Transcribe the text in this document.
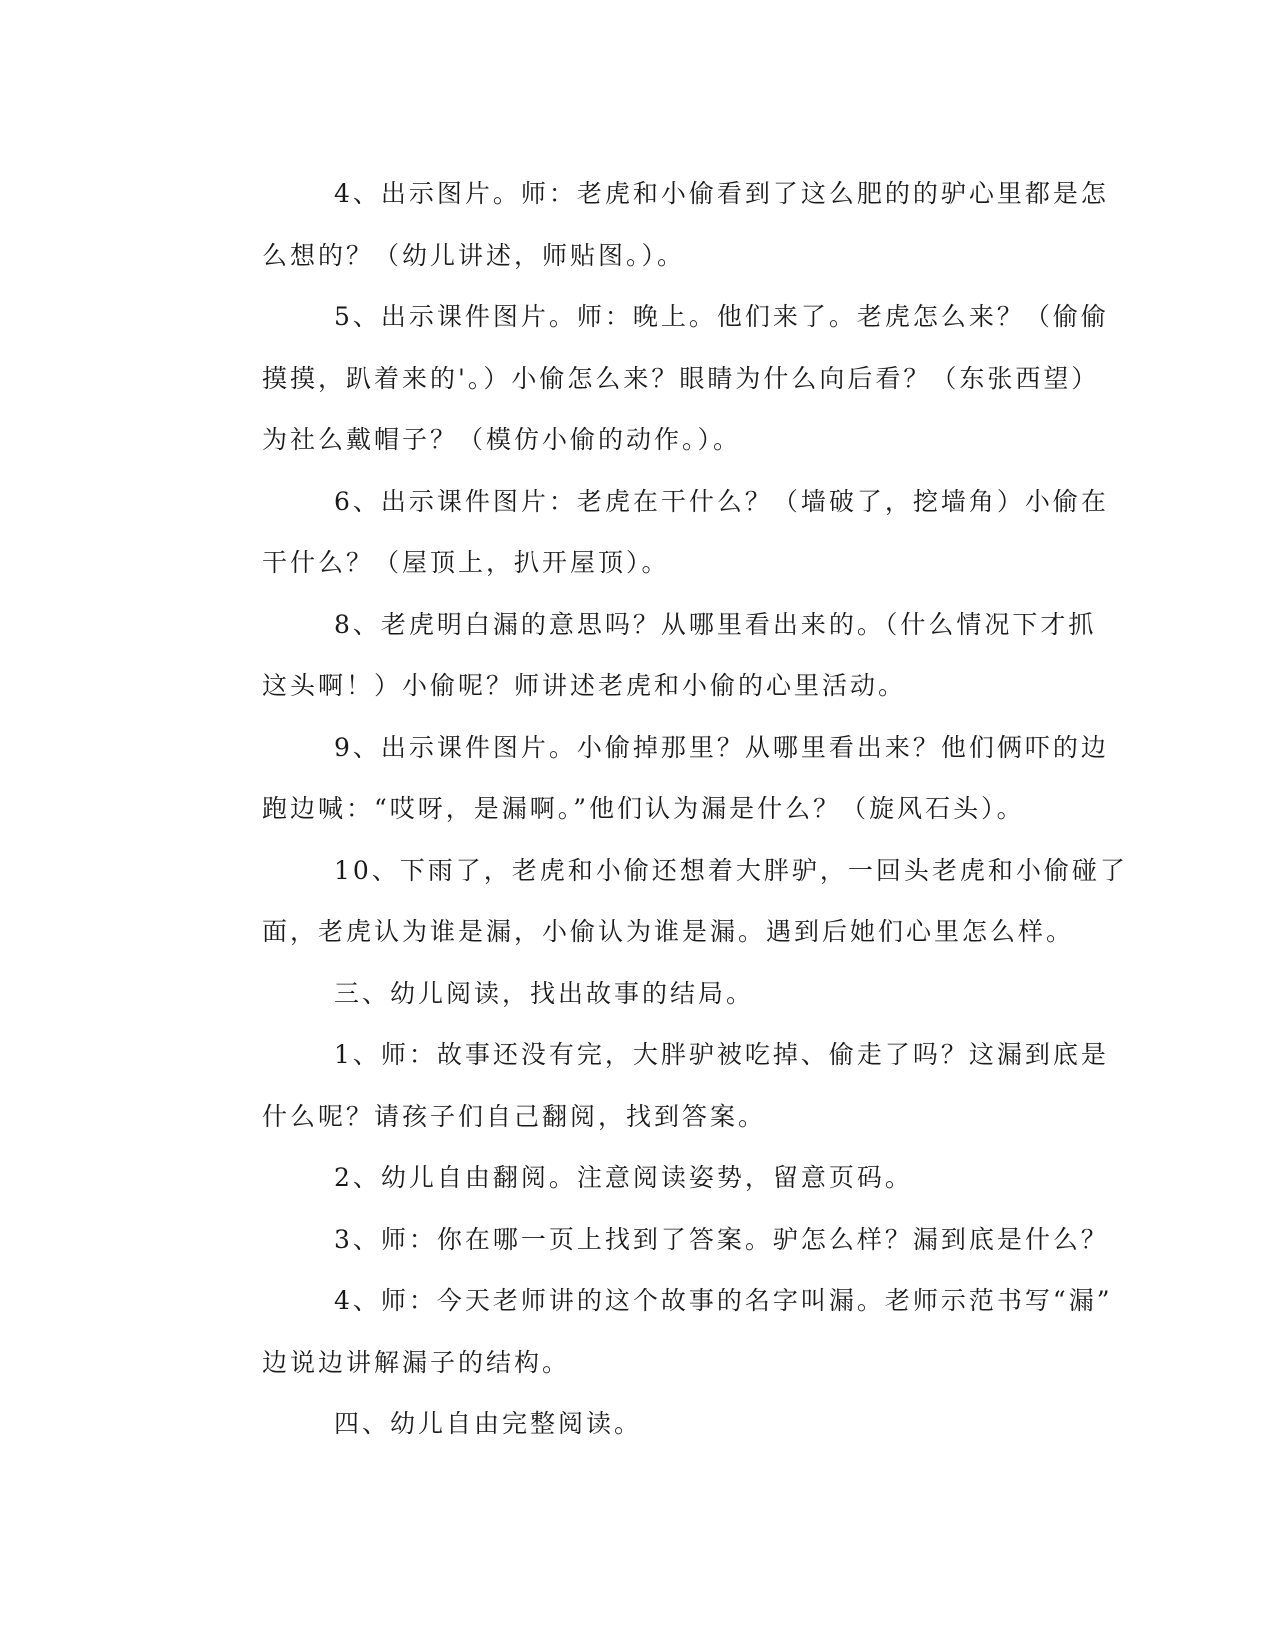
4、出示图片。师：老虎和小偷看到了这么肥的的驴心里都是怎
么想的？（幼儿讲述，师贴图。）。

5、出示课件图片。师：晚上。他们来了。老虎怎么来？（偷偷
摸摸，趴着来的'。）小偷怎么来？眼睛为什么向后看？（东张西望）
为社么戴帽子？（模仿小偷的动作。）。

6、出示课件图片：老虎在干什么？（墙破了，挖墙角）小偷在
干什么？（屋顶上，扒开屋顶）。

8、老虎明白漏的意思吗？从哪里看出来的。（什么情况下才抓
这头啊！）小偷呢？师讲述老虎和小偷的心里活动。

9、出示课件图片。小偷掉那里？从哪里看出来？他们俩吓的边
跑边喊：“哎呀，是漏啊。”他们认为漏是什么？（旋风石头）。

10、下雨了，老虎和小偷还想着大胖驴，一回头老虎和小偷碰了
面，老虎认为谁是漏，小偷认为谁是漏。遇到后她们心里怎么样。

三、幼儿阅读，找出故事的结局。

1、师：故事还没有完，大胖驴被吃掉、偷走了吗？这漏到底是
什么呢？请孩子们自己翻阅，找到答案。

2、幼儿自由翻阅。注意阅读姿势，留意页码。

3、师：你在哪一页上找到了答案。驴怎么样？漏到底是什么？

4、师：今天老师讲的这个故事的名字叫漏。老师示范书写“漏”
边说边讲解漏子的结构。

四、幼儿自由完整阅读。
